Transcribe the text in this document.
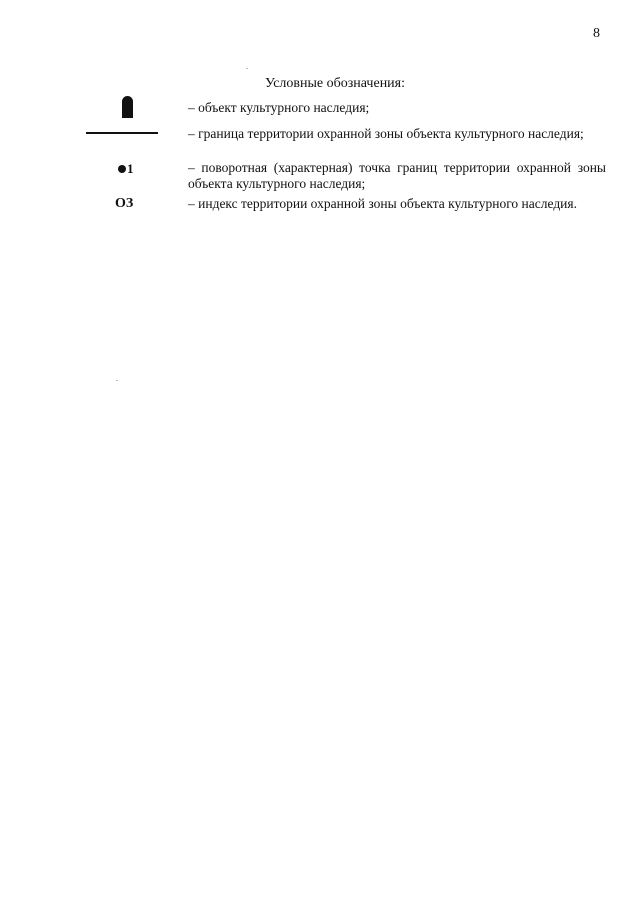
8
Условные обозначения:
– объект культурного наследия;
– граница территории охранной зоны объекта культурного наследия;
1	– поворотная (характерная) точка границ территории охранной зоны объекта культурного наследия;
ОЗ	– индекс территории охранной зоны объекта культурного наследия.
